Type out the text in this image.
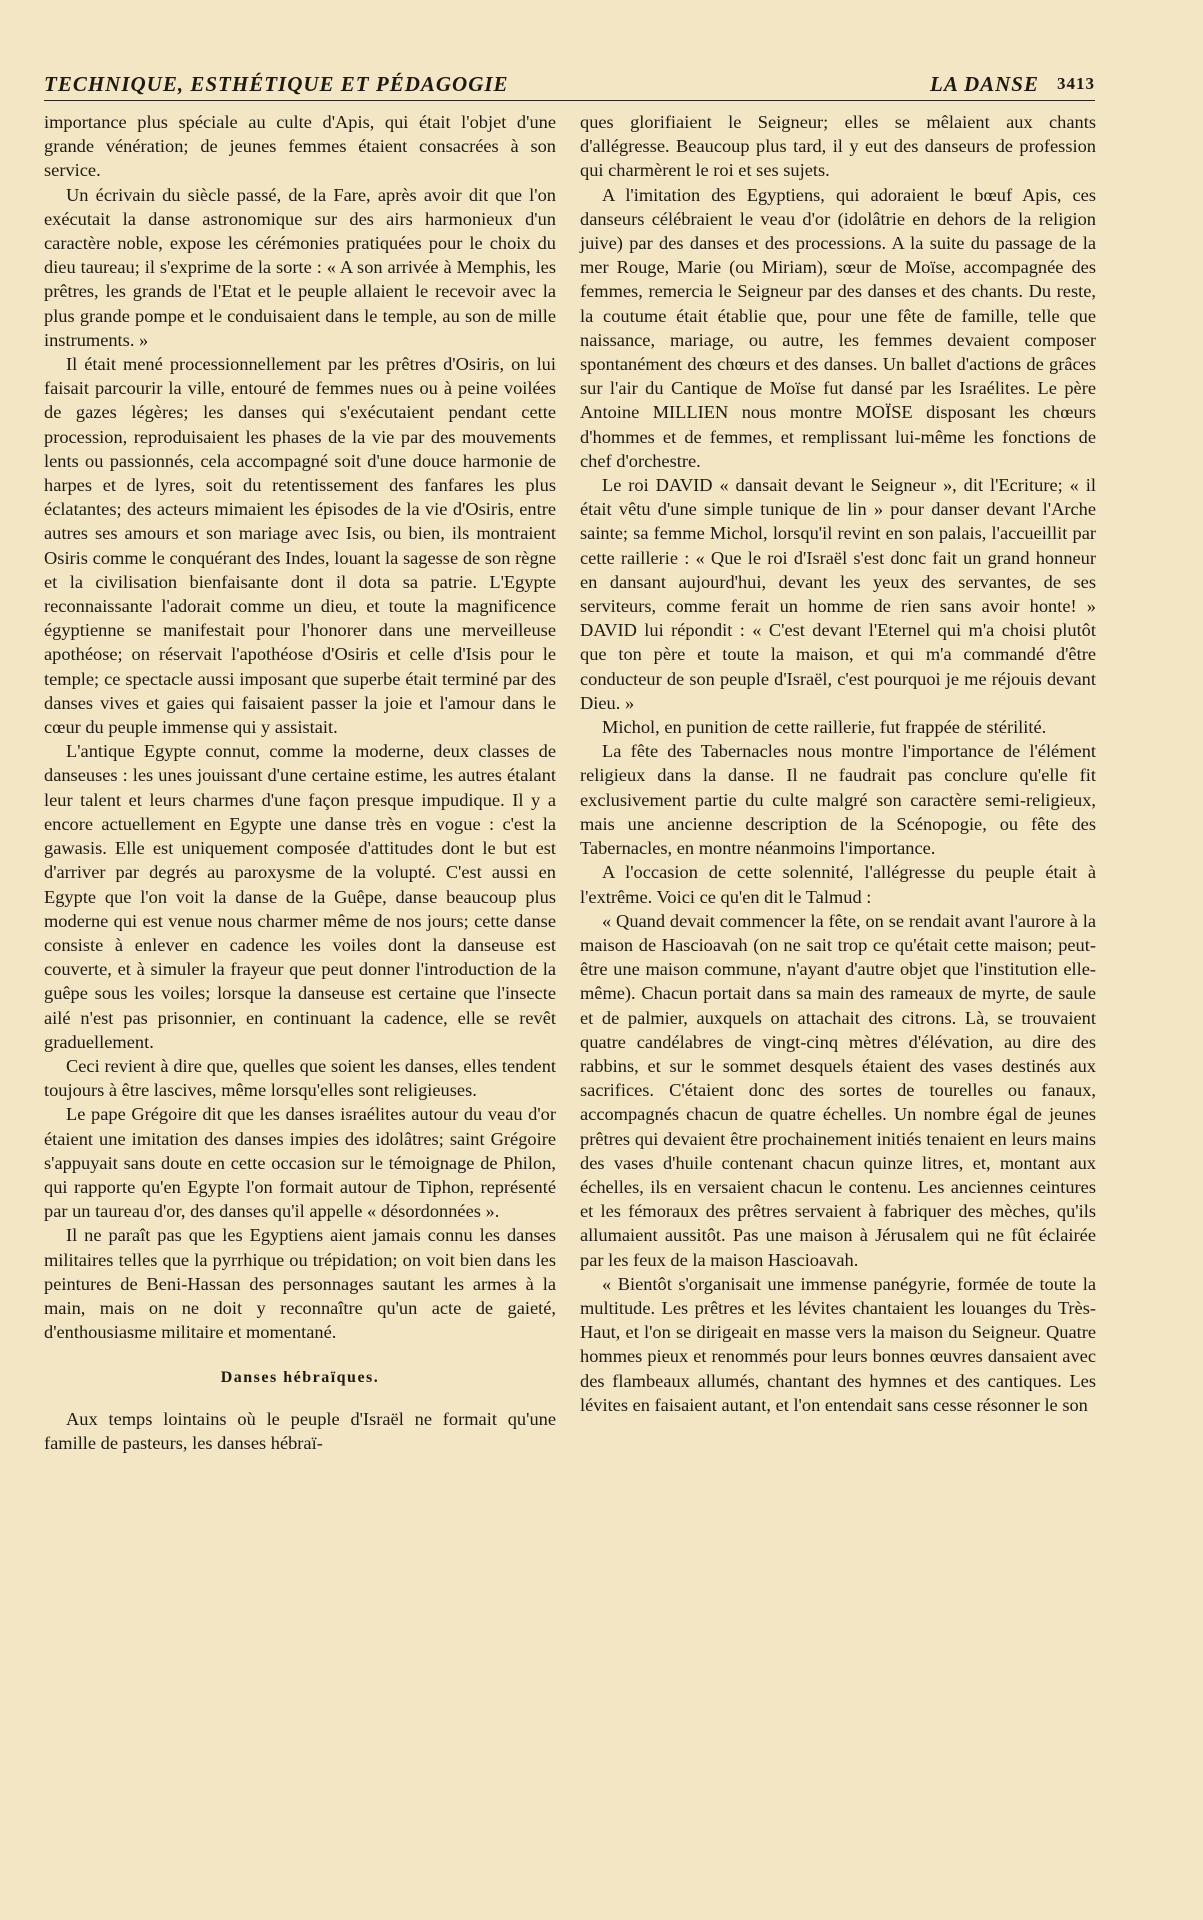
TECHNIQUE, ESTHÉTIQUE ET PÉDAGOGIE	LA DANSE 3413

importance plus spéciale au culte d'Apis, qui était l'objet d'une grande vénération; de jeunes femmes étaient consacrées à son service.

Un écrivain du siècle passé, de la Fare, après avoir dit que l'on exécutait la danse astronomique sur des airs harmonieux d'un caractère noble, expose les cérémonies pratiquées pour le choix du dieu taureau; il s'exprime de la sorte : « A son arrivée à Memphis, les prêtres, les grands de l'Etat et le peuple allaient le recevoir avec la plus grande pompe et le conduisaient dans le temple, au son de mille instruments. »

Il était mené processionnellement par les prêtres d'Osiris, on lui faisait parcourir la ville, entouré de femmes nues ou à peine voilées de gazes légères; les danses qui s'exécutaient pendant cette procession, reproduisaient les phases de la vie par des mouvements lents ou passionnés, cela accompagné soit d'une douce harmonie de harpes et de lyres, soit du retentissement des fanfares les plus éclatantes; des acteurs mimaient les épisodes de la vie d'Osiris, entre autres ses amours et son mariage avec Isis, ou bien, ils montraient Osiris comme le conquérant des Indes, louant la sagesse de son règne et la civilisation bienfaisante dont il dota sa patrie. L'Egypte reconnaissante l'adorait comme un dieu, et toute la magnificence égyptienne se manifestait pour l'honorer dans une merveilleuse apothéose; on réservait l'apothéose d'Osiris et celle d'Isis pour le temple; ce spectacle aussi imposant que superbe était terminé par des danses vives et gaies qui faisaient passer la joie et l'amour dans le cœur du peuple immense qui y assistait.

L'antique Egypte connut, comme la moderne, deux classes de danseuses : les unes jouissant d'une certaine estime, les autres étalant leur talent et leurs charmes d'une façon presque impudique. Il y a encore actuellement en Egypte une danse très en vogue : c'est la gawasis. Elle est uniquement composée d'attitudes dont le but est d'arriver par degrés au paroxysme de la volupté. C'est aussi en Egypte que l'on voit la danse de la Guêpe, danse beaucoup plus moderne qui est venue nous charmer même de nos jours; cette danse consiste à enlever en cadence les voiles dont la danseuse est couverte, et à simuler la frayeur que peut donner l'introduction de la guêpe sous les voiles; lorsque la danseuse est certaine que l'insecte ailé n'est pas prisonnier, en continuant la cadence, elle se revêt graduellement.

Ceci revient à dire que, quelles que soient les danses, elles tendent toujours à être lascives, même lorsqu'elles sont religieuses.

Le pape Grégoire dit que les danses israélites autour du veau d'or étaient une imitation des danses impies des idolâtres; saint Grégoire s'appuyait sans doute en cette occasion sur le témoignage de Philon, qui rapporte qu'en Egypte l'on formait autour de Tiphon, représenté par un taureau d'or, des danses qu'il appelle « désordonnées ».

Il ne paraît pas que les Egyptiens aient jamais connu les danses militaires telles que la pyrrhique ou trépidation; on voit bien dans les peintures de Beni-Hassan des personnages sautant les armes à la main, mais on ne doit y reconnaître qu'un acte de gaieté, d'enthousiasme militaire et momentané.

Danses hébraïques.

Aux temps lointains où le peuple d'Israël ne formait qu'une famille de pasteurs, les danses hébraï-

ques glorifiaient le Seigneur; elles se mêlaient aux chants d'allégresse. Beaucoup plus tard, il y eut des danseurs de profession qui charmèrent le roi et ses sujets.

A l'imitation des Egyptiens, qui adoraient le bœuf Apis, ces danseurs célébraient le veau d'or (idolâtrie en dehors de la religion juive) par des danses et des processions. A la suite du passage de la mer Rouge, Marie (ou Miriam), sœur de Moïse, accompagnée des femmes, remercia le Seigneur par des danses et des chants. Du reste, la coutume était établie que, pour une fête de famille, telle que naissance, mariage, ou autre, les femmes devaient composer spontanément des chœurs et des danses. Un ballet d'actions de grâces sur l'air du Cantique de Moïse fut dansé par les Israélites. Le père Antoine MILLIEN nous montre MOÏSE disposant les chœurs d'hommes et de femmes, et remplissant lui-même les fonctions de chef d'orchestre.

Le roi DAVID « dansait devant le Seigneur », dit l'Ecriture; « il était vêtu d'une simple tunique de lin » pour danser devant l'Arche sainte; sa femme Michol, lorsqu'il revint en son palais, l'accueillit par cette raillerie : « Que le roi d'Israël s'est donc fait un grand honneur en dansant aujourd'hui, devant les yeux des servantes, de ses serviteurs, comme ferait un homme de rien sans avoir honte! » DAVID lui répondit : « C'est devant l'Eternel qui m'a choisi plutôt que ton père et toute la maison, et qui m'a commandé d'être conducteur de son peuple d'Israël, c'est pourquoi je me réjouis devant Dieu. »

Michol, en punition de cette raillerie, fut frappée de stérilité.

La fête des Tabernacles nous montre l'importance de l'élément religieux dans la danse. Il ne faudrait pas conclure qu'elle fit exclusivement partie du culte malgré son caractère semi-religieux, mais une ancienne description de la Scénopogie, ou fête des Tabernacles, en montre néanmoins l'importance.

A l'occasion de cette solennité, l'allégresse du peuple était à l'extrême. Voici ce qu'en dit le Talmud :

« Quand devait commencer la fête, on se rendait avant l'aurore à la maison de Hascioavah (on ne sait trop ce qu'était cette maison; peut-être une maison commune, n'ayant d'autre objet que l'institution elle-même). Chacun portait dans sa main des rameaux de myrte, de saule et de palmier, auxquels on attachait des citrons. Là, se trouvaient quatre candélabres de vingt-cinq mètres d'élévation, au dire des rabbins, et sur le sommet desquels étaient des vases destinés aux sacrifices. C'étaient donc des sortes de tourelles ou fanaux, accompagnés chacun de quatre échelles. Un nombre égal de jeunes prêtres qui devaient être prochainement initiés tenaient en leurs mains des vases d'huile contenant chacun quinze litres, et, montant aux échelles, ils en versaient chacun le contenu. Les anciennes ceintures et les fémoraux des prêtres servaient à fabriquer des mèches, qu'ils allumaient aussitôt. Pas une maison à Jérusalem qui ne fût éclairée par les feux de la maison Hascioavah.

« Bientôt s'organisait une immense panégyrie, formée de toute la multitude. Les prêtres et les lévites chantaient les louanges du Très-Haut, et l'on se dirigeait en masse vers la maison du Seigneur. Quatre hommes pieux et renommés pour leurs bonnes œuvres dansaient avec des flambeaux allumés, chantant des hymnes et des cantiques. Les lévites en faisaient autant, et l'on entendait sans cesse résonner le son
